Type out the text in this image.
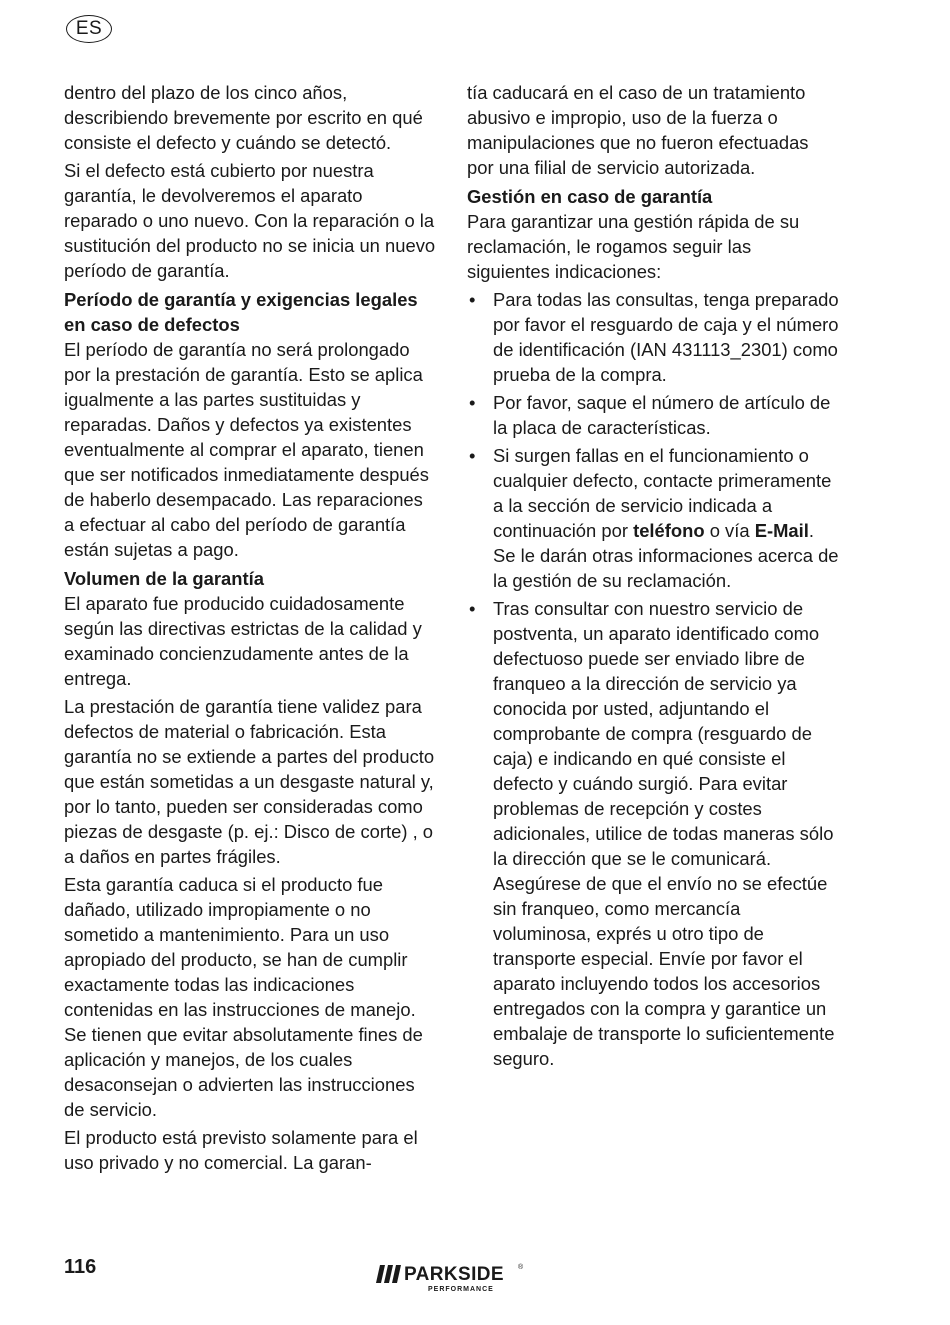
ES

dentro del plazo de los cinco años, describiendo brevemente por escrito en qué consiste el defecto y cuándo se detectó.

Si el defecto está cubierto por nuestra garantía, le devolveremos el aparato reparado o uno nuevo. Con la reparación o la sustitución del producto no se inicia un nuevo período de garantía.

Período de garantía y exigencias legales en caso de defectos

El período de garantía no será prolongado por la prestación de garantía. Esto se aplica igualmente a las partes sustituidas y reparadas. Daños y defectos ya existentes eventualmente al comprar el aparato, tienen que ser notificados inmediatamente después de haberlo desempacado. Las reparaciones a efectuar al cabo del período de garantía están sujetas a pago.

Volumen de la garantía

El aparato fue producido cuidadosamente según las directivas estrictas de la calidad y examinado concienzudamente antes de la entrega.

La prestación de garantía tiene validez para defectos de material o fabricación. Esta garantía no se extiende a partes del producto que están sometidas a un desgaste natural y, por lo tanto, pueden ser consideradas como piezas de desgaste (p. ej.: Disco de corte) , o a daños en partes frágiles.

Esta garantía caduca si el producto fue dañado, utilizado impropiamente o no sometido a mantenimiento. Para un uso apropiado del producto, se han de cumplir exactamente todas las indicaciones contenidas en las instrucciones de manejo. Se tienen que evitar absolutamente fines de aplicación y manejos, de los cuales desaconsejan o advierten las instrucciones de servicio.

El producto está previsto solamente para el uso privado y no comercial. La garan-

tía caducará en el caso de un tratamiento abusivo e impropio, uso de la fuerza o manipulaciones que no fueron efectuadas por una filial de servicio autorizada.

Gestión en caso de garantía

Para garantizar una gestión rápida de su reclamación, le rogamos seguir las siguientes indicaciones:

• Para todas las consultas, tenga preparado por favor el resguardo de caja y el número de identificación (IAN 431113_2301) como prueba de la compra.
• Por favor, saque el número de artículo de la placa de características.
• Si surgen fallas en el funcionamiento o cualquier defecto, contacte primeramente a la sección de servicio indicada a continuación por teléfono o vía E-Mail. Se le darán otras informaciones acerca de la gestión de su reclamación.
• Tras consultar con nuestro servicio de postventa, un aparato identificado como defectuoso puede ser enviado libre de franqueo a la dirección de servicio ya conocida por usted, adjuntando el comprobante de compra (resguardo de caja) e indicando en qué consiste el defecto y cuándo surgió. Para evitar problemas de recepción y costes adicionales, utilice de todas maneras sólo la dirección que se le comunicará. Asegúrese de que el envío no se efectúe sin franqueo, como mercancía voluminosa, exprés u otro tipo de transporte especial. Envíe por favor el aparato incluyendo todos los accesorios entregados con la compra y garantice un embalaje de transporte lo suficientemente seguro.
116	PARKSIDE ®
PERFORMANCE
